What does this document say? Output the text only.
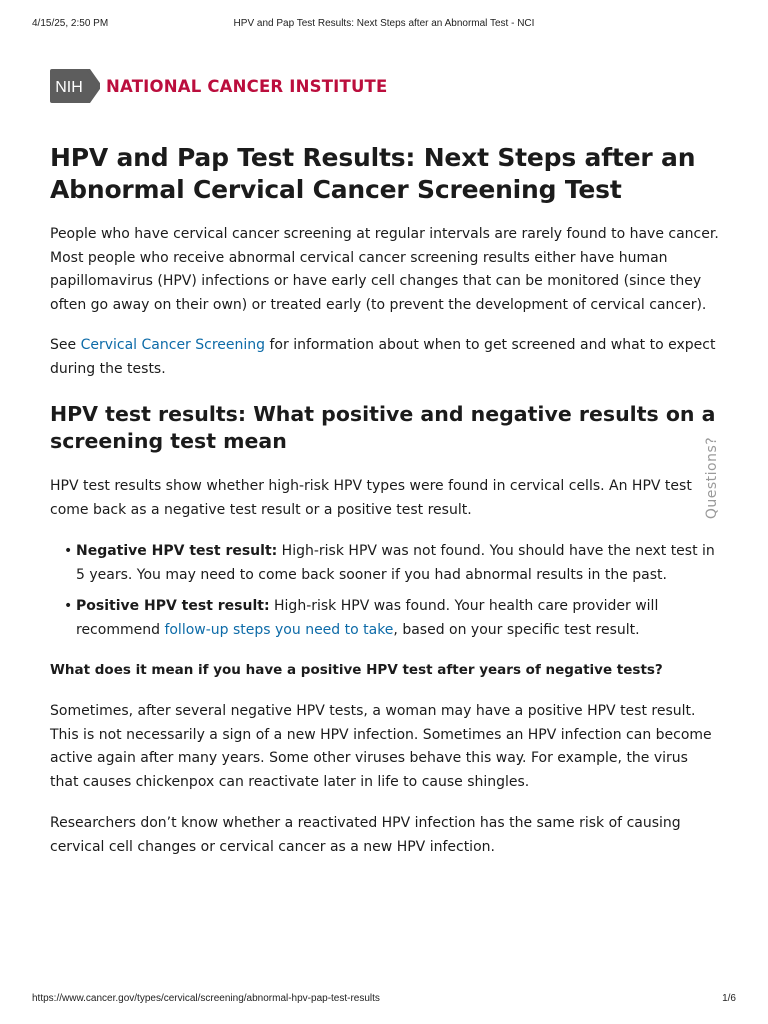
4/15/25, 2:50 PM	HPV and Pap Test Results: Next Steps after an Abnormal Test - NCI
NIH NATIONAL CANCER INSTITUTE
Questions?
HPV and Pap Test Results: Next Steps after an Abnormal Cervical Cancer Screening Test

People who have cervical cancer screening at regular intervals are rarely found to have cancer. Most people who receive abnormal cervical cancer screening results either have human papillomavirus (HPV) infections or have early cell changes that can be monitored (since they often go away on their own) or treated early (to prevent the development of cervical cancer).

See Cervical Cancer Screening for information about when to get screened and what to expect during the tests.

HPV test results: What positive and negative results on a screening test mean

HPV test results show whether high-risk HPV types were found in cervical cells. An HPV test come back as a negative test result or a positive test result.

• Negative HPV test result: High-risk HPV was not found. You should have the next test in 5 years. You may need to come back sooner if you had abnormal results in the past.
• Positive HPV test result: High-risk HPV was found. Your health care provider will recommend follow-up steps you need to take, based on your specific test result.
What does it mean if you have a positive HPV test after years of negative tests?

Sometimes, after several negative HPV tests, a woman may have a positive HPV test result. This is not necessarily a sign of a new HPV infection. Sometimes an HPV infection can become active again after many years. Some other viruses behave this way. For example, the virus that causes chickenpox can reactivate later in life to cause shingles.

Researchers don’t know whether a reactivated HPV infection has the same risk of causing cervical cell changes or cervical cancer as a new HPV infection.

https://www.cancer.gov/types/cervical/screening/abnormal-hpv-pap-test-results	1/6
